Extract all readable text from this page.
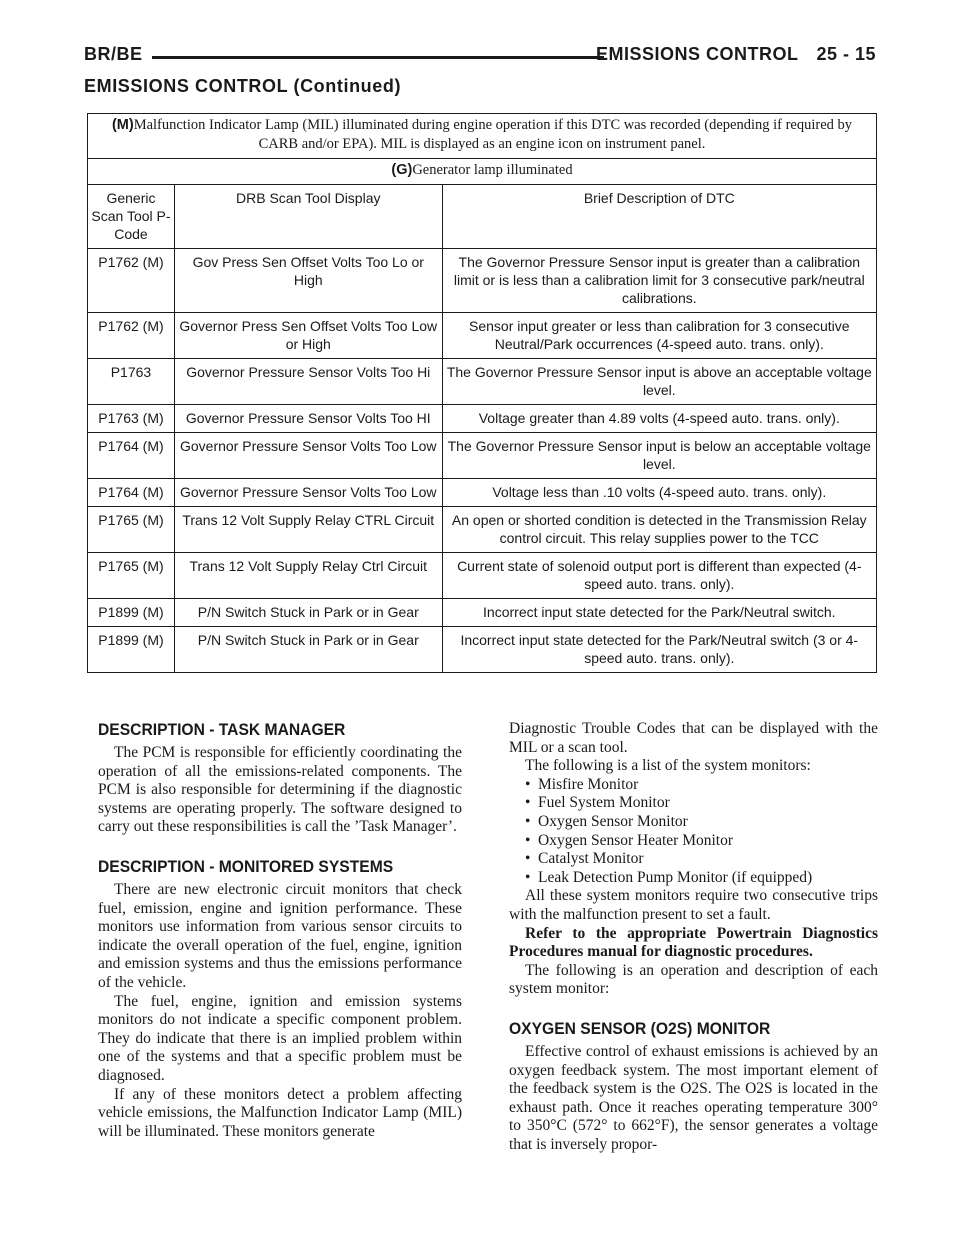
BR/BE	EMISSIONS CONTROL 25 - 15
EMISSIONS CONTROL (Continued)
(M)Malfunction Indicator Lamp (MIL) illuminated during engine operation if this DTC was recorded (depending if required by CARB and/or EPA). MIL is displayed as an engine icon on instrument panel.		
(G)Generator lamp illuminated		
Generic Scan Tool P-Code	DRB Scan Tool Display	Brief Description of DTC
P1762 (M)	Gov Press Sen Offset Volts Too Lo or High	The Governor Pressure Sensor input is greater than a calibration limit or is less than a calibration limit for 3 consecutive park/neutral calibrations.
P1762 (M)	Governor Press Sen Offset Volts Too Low or High	Sensor input greater or less than calibration for 3 consecutive Neutral/Park occurrences (4-speed auto. trans. only).
P1763	Governor Pressure Sensor Volts Too Hi	The Governor Pressure Sensor input is above an acceptable voltage level.
P1763 (M)	Governor Pressure Sensor Volts Too HI	Voltage greater than 4.89 volts (4-speed auto. trans. only).
P1764 (M)	Governor Pressure Sensor Volts Too Low	The Governor Pressure Sensor input is below an acceptable voltage level.
P1764 (M)	Governor Pressure Sensor Volts Too Low	Voltage less than .10 volts (4-speed auto. trans. only).
P1765 (M)	Trans 12 Volt Supply Relay CTRL Circuit	An open or shorted condition is detected in the Transmission Relay control circuit. This relay supplies power to the TCC
P1765 (M)	Trans 12 Volt Supply Relay Ctrl Circuit	Current state of solenoid output port is different than expected (4-speed auto. trans. only).
P1899 (M)	P/N Switch Stuck in Park or in Gear	Incorrect input state detected for the Park/Neutral switch.
P1899 (M)	P/N Switch Stuck in Park or in Gear	Incorrect input state detected for the Park/Neutral switch (3 or 4-speed auto. trans. only).
DESCRIPTION - TASK MANAGER

The PCM is responsible for efficiently coordinating the operation of all the emissions-related components. The PCM is also responsible for determining if the diagnostic systems are operating properly. The software designed to carry out these responsibilities is call the ’Task Manager’.

DESCRIPTION - MONITORED SYSTEMS

There are new electronic circuit monitors that check fuel, emission, engine and ignition performance. These monitors use information from various sensor circuits to indicate the overall operation of the fuel, engine, ignition and emission systems and thus the emissions performance of the vehicle.

The fuel, engine, ignition and emission systems monitors do not indicate a specific component problem. They do indicate that there is an implied problem within one of the systems and that a specific problem must be diagnosed.

If any of these monitors detect a problem affecting vehicle emissions, the Malfunction Indicator Lamp (MIL) will be illuminated. These monitors generate

Diagnostic Trouble Codes that can be displayed with the MIL or a scan tool.

The following is a list of the system monitors:

• Misfire Monitor
• Fuel System Monitor
• Oxygen Sensor Monitor
• Oxygen Sensor Heater Monitor
• Catalyst Monitor
• Leak Detection Pump Monitor (if equipped)

All these system monitors require two consecutive trips with the malfunction present to set a fault.

Refer to the appropriate Powertrain Diagnostics Procedures manual for diagnostic procedures.

The following is an operation and description of each system monitor:

OXYGEN SENSOR (O2S) MONITOR

Effective control of exhaust emissions is achieved by an oxygen feedback system. The most important element of the feedback system is the O2S. The O2S is located in the exhaust path. Once it reaches operating temperature 300° to 350°C (572° to 662°F), the sensor generates a voltage that is inversely propor-
